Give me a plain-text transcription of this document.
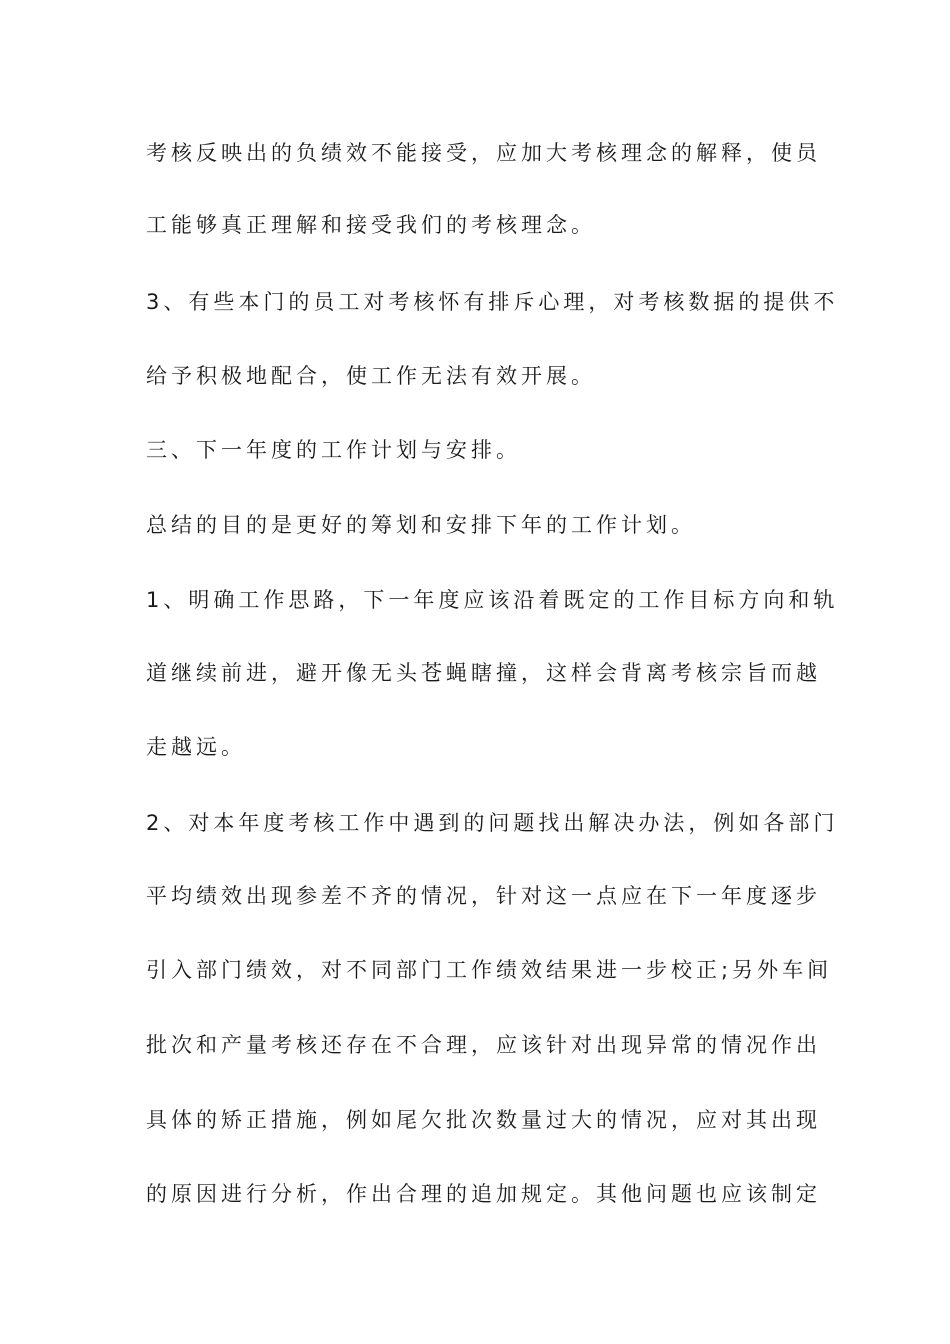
考核反映出的负绩效不能接受，应加大考核理念的解释，使员

工能够真正理解和接受我们的考核理念。

3、有些本门的员工对考核怀有排斥心理，对考核数据的提供不

给予积极地配合，使工作无法有效开展。

三、下一年度的工作计划与安排。

总结的目的是更好的筹划和安排下年的工作计划。

1、明确工作思路，下一年度应该沿着既定的工作目标方向和轨

道继续前进，避开像无头苍蝇瞎撞，这样会背离考核宗旨而越

走越远。

2、对本年度考核工作中遇到的问题找出解决办法，例如各部门

平均绩效出现参差不齐的情况，针对这一点应在下一年度逐步

引入部门绩效，对不同部门工作绩效结果进一步校正;另外车间

批次和产量考核还存在不合理，应该针对出现异常的情况作出

具体的矫正措施，例如尾欠批次数量过大的情况，应对其出现

的原因进行分析，作出合理的追加规定。其他问题也应该制定
